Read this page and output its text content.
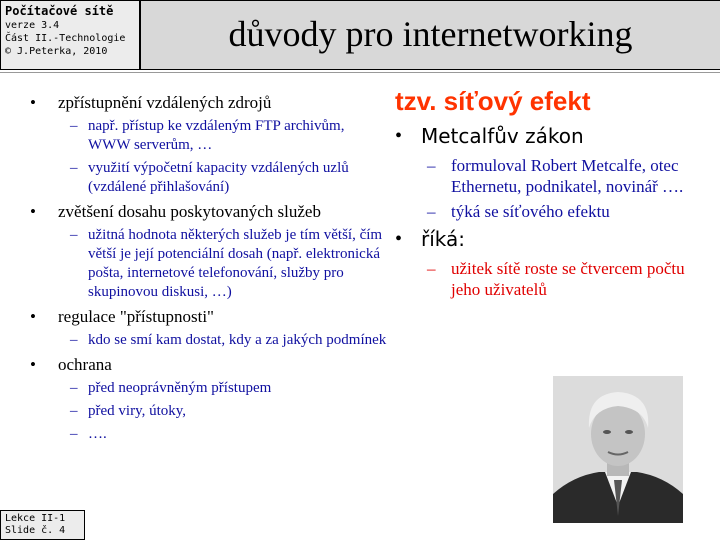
Počítačové sítě
verze 3.4
Část II.-Technologie
© J.Peterka, 2010	důvody pro internetworking
• zpřístupnění vzdálených zdrojů
– např. přístup ke vzdáleným FTP archivům, WWW serverům, …
– využití výpočetní kapacity vzdálených uzlů (vzdálené přihlašování)
• zvětšení dosahu poskytovaných služeb
– užitná hodnota některých služeb je tím větší, čím větší je její potenciální dosah (např. elektronická pošta, internetové telefonování, služby pro skupinovou diskusi, …)
• regulace "přístupnosti"
– kdo se smí kam dostat, kdy a za jakých podmínek
• ochrana
– před neoprávněným přístupem
– před viry, útoky,
– ….
tzv. síťový efekt
• Metcalfův zákon
– formuloval Robert Metcalfe, otec Ethernetu, podnikatel, novinář ….
– týká se síťového efektu
• říká:
– užitek sítě roste se čtvercem počtu jeho uživatelů
Lekce II-1
Slide č. 4
